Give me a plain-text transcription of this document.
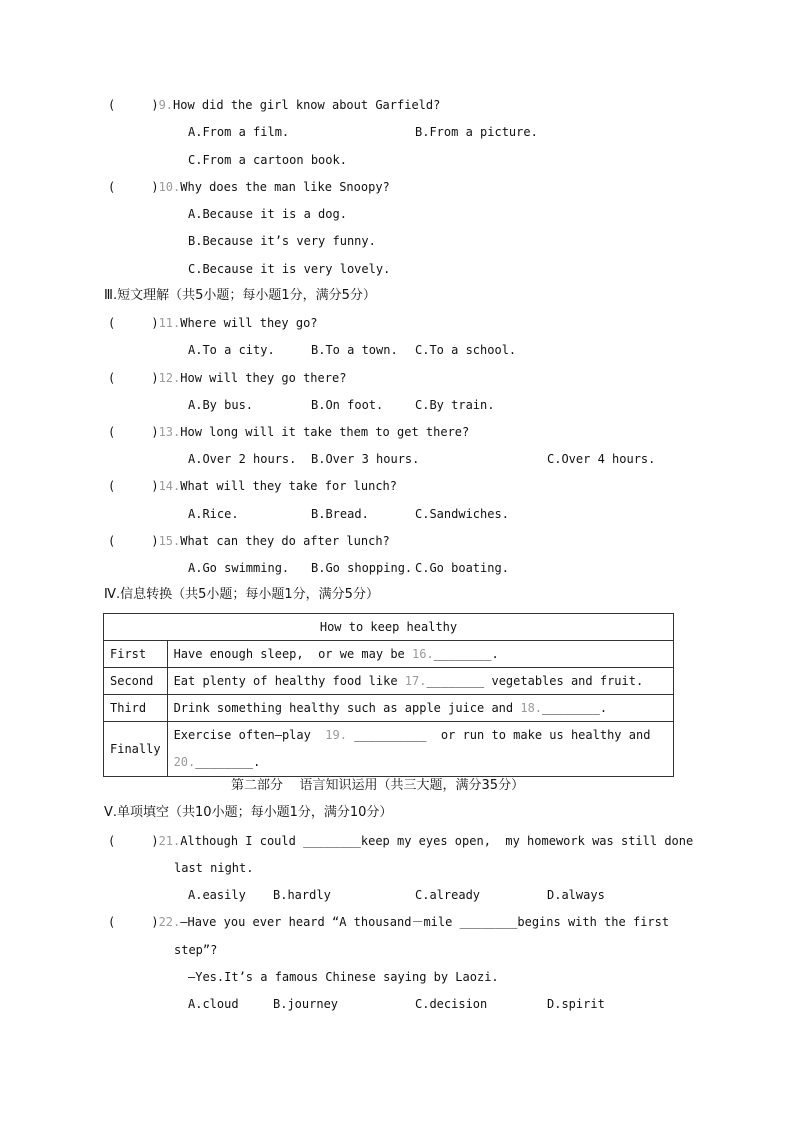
(     )9.How did the girl know about Garfield?
A.From a film.	B.From a picture.
C.From a cartoon book.
(     )10.Why does the man like Snoopy?
A.Because it is a dog.
B.Because it’s very funny.
C.Because it is very lovely.
Ⅲ.短文理解（共5小题；每小题1分，满分5分）
(     )11.Where will they go?
A.To a city.	B.To a town. C.To a school.
(     )12.How will they go there?
A.By bus.	B.On foot.	C.By train.
(     )13.How long will it take them to get there?
A.Over 2 hours. B.Over 3 hours.	C.Over 4 hours.
(     )14.What will they take for lunch?
A.Rice.	B.Bread.	C.Sandwiches.
(     )15.What can they do after lunch?
A.Go swimming. B.Go shopping. C.Go boating.
Ⅳ.信息转换（共5小题；每小题1分，满分5分）
How to keep healthy	
First	Have enough sleep,  or we may be 16.________.
Second	Eat plenty of healthy food like 17.________ vegetables and fruit.
Third	Drink something healthy such as apple juice and 18.________.
Finally	Exercise often—play  19. __________  or run to make us healthy and
20.________.
第二部分    语言知识运用（共三大题，满分35分）
Ⅴ.单项填空（共10小题；每小题1分，满分10分）
(     )21.Although I could ________keep my eyes open,  my homework was still done
last night.
A.easily B.hardly	C.already	D.always
(     )22.—Have you ever heard “A thousand－mile ________begins with the first
step”?
—Yes.It’s a famous Chinese saying by Laozi.
A.cloud	B.journey	C.decision	D.spirit
